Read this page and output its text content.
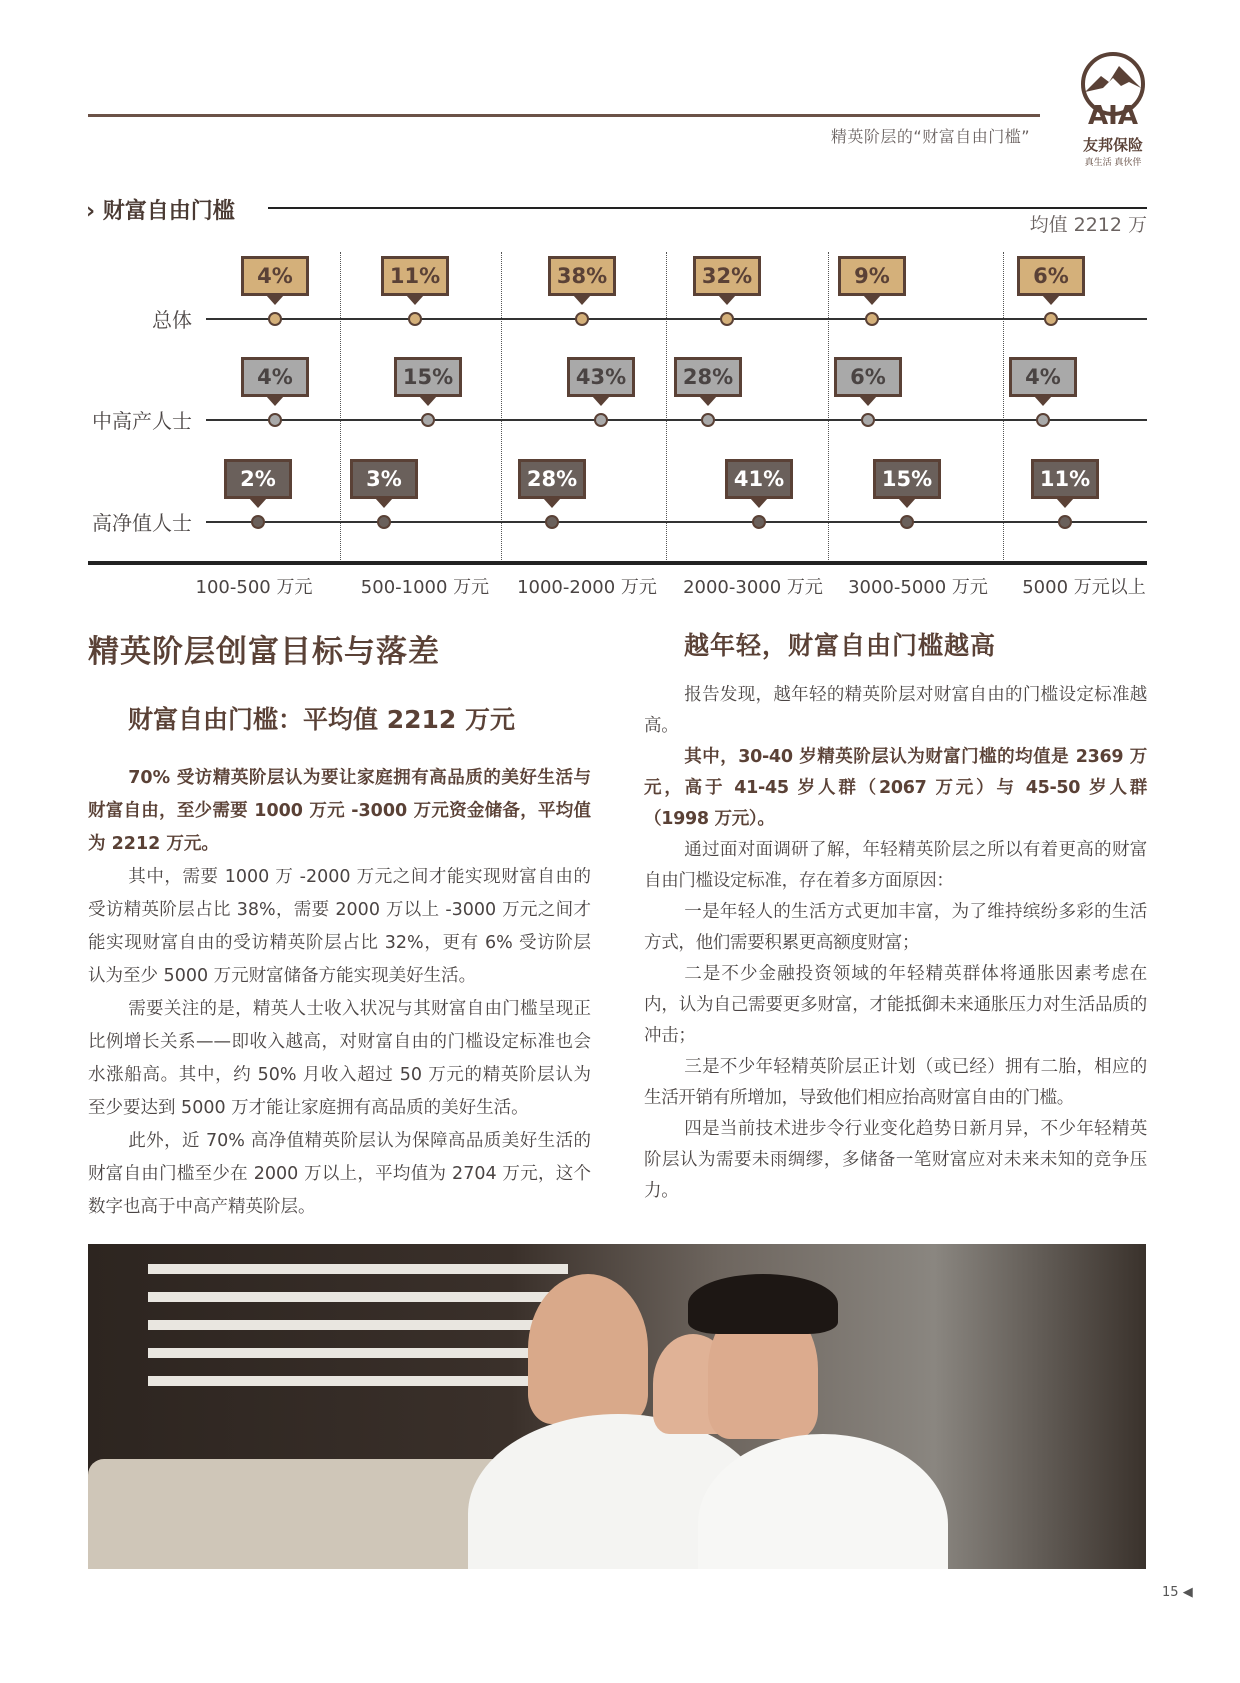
精英阶层的“财富自由门槛”
AIA
友邦保险
真生活 真伙伴
› 财富自由门槛
均值 2212 万
总体
4%	11%	38%	32%	9%	6%
中高产人士
4%	15%	43%	28%	6%	4%
高净值人士
2%	3%	28%	41%	15%	11%
100-500 万元	500-1000 万元 1000-2000 万元 2000-3000 万元 3000-5000 万元 5000 万元以上
精英阶层创富目标与落差	越年轻，财富自由门槛越高
财富自由门槛：平均值 2212 万元

70% 受访精英阶层认为要让家庭拥有高品质的美好生活与财富自由，至少需要 1000 万元 -3000 万元资金储备，平均值为 2212 万元。

其中，需要 1000 万 -2000 万元之间才能实现财富自由的受访精英阶层占比 38%，需要 2000 万以上 -3000 万元之间才能实现财富自由的受访精英阶层占比 32%，更有 6% 受访阶层认为至少 5000 万元财富储备方能实现美好生活。

需要关注的是，精英人士收入状况与其财富自由门槛呈现正比例增长关系——即收入越高，对财富自由的门槛设定标准也会水涨船高。其中，约 50% 月收入超过 50 万元的精英阶层认为至少要达到 5000 万才能让家庭拥有高品质的美好生活。

此外，近 70% 高净值精英阶层认为保障高品质美好生活的财富自由门槛至少在 2000 万以上，平均值为 2704 万元，这个数字也高于中高产精英阶层。

报告发现，越年轻的精英阶层对财富自由的门槛设定标准越高。

其中，30-40 岁精英阶层认为财富门槛的均值是 2369 万元，高于 41-45 岁人群（2067 万元）与 45-50 岁人群（1998 万元）。

通过面对面调研了解，年轻精英阶层之所以有着更高的财富自由门槛设定标准，存在着多方面原因：

一是年轻人的生活方式更加丰富，为了维持缤纷多彩的生活方式，他们需要积累更高额度财富；

二是不少金融投资领域的年轻精英群体将通胀因素考虑在内，认为自己需要更多财富，才能抵御未来通胀压力对生活品质的冲击；

三是不少年轻精英阶层正计划（或已经）拥有二胎，相应的生活开销有所增加，导致他们相应抬高财富自由的门槛。

四是当前技术进步令行业变化趋势日新月异，不少年轻精英阶层认为需要未雨绸缪，多储备一笔财富应对未来未知的竞争压力。

15 ◀
